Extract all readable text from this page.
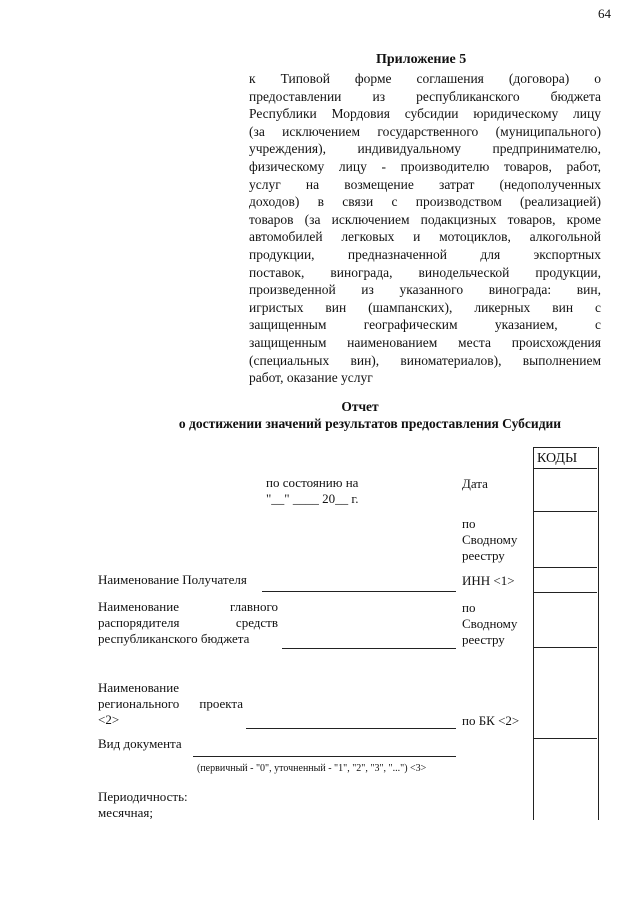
64
Приложение 5
к Типовой форме соглашения (договора) о
предоставлении из республиканского бюджета
Республики Мордовия субсидии юридическому лицу
(за исключением государственного (муниципального)
учреждения), индивидуальному предпринимателю,
физическому лицу - производителю товаров, работ,
услуг на возмещение затрат (недополученных
доходов) в связи с производством (реализацией)
товаров (за исключением подакцизных товаров, кроме
автомобилей легковых и мотоциклов, алкогольной
продукции, предназначенной для экспортных
поставок, винограда, винодельческой продукции,
произведенной из указанного винограда: вин,
игристых вин (шампанских), ликерных вин с
защищенным географическим указанием, с
защищенным наименованием места происхождения
(специальных вин), виноматериалов), выполнением
работ, оказание услуг
Отчет
о достижении значений результатов предоставления Субсидии
КОДЫ
по состоянию на
"__" ____ 20__ г.
Дата
по
Сводному
реестру
Наименование Получателя	ИНН <1>
Наименование главного
распорядителя средств
республиканского бюджета
по
Сводному
реестру
Наименование
регионального проекта
<2>	по БК <2>
Вид документа
(первичный - "0", уточненный - "1", "2", "3", "...") <3>
Периодичность:
месячная;
